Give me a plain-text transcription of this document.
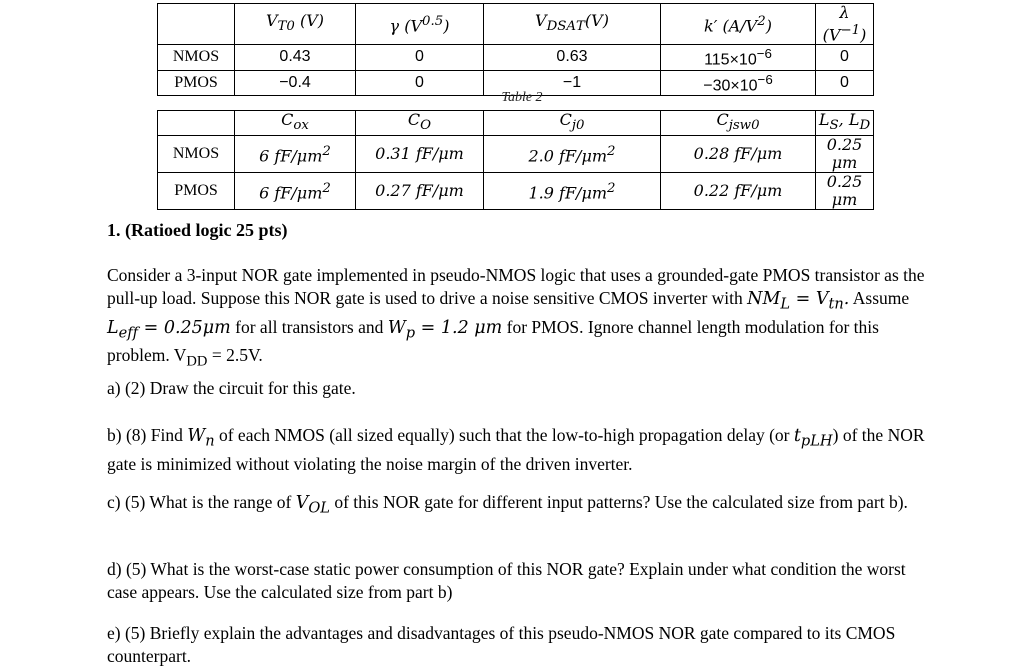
	𝑉$_{𝑇0}$ (𝑉)	𝛾 (𝑉$^{0.5}$)	𝑉$_{𝐷𝑆𝐴𝑇}$(𝑉)	𝑘′ (𝐴/𝑉$^2$)	𝜆 (𝑉$^{-1}$)
NMOS	0.43	0	0.63	$115\times 10^{-6}$	0
PMOS	−0.4	0	−1	$-30\times 10^{-6}$	0
Table 2
	𝐶$_{𝑜𝑥}$	𝐶$_𝑂$	𝐶$_{𝑗0}$	𝐶$_{𝑗𝑠𝑤0}$	𝐿$_𝑆$, 𝐿$_𝐷$
NMOS	6 𝑓𝐹/𝜇𝑚$^2$	0.31 𝑓𝐹/𝜇𝑚	2.0 𝑓𝐹/𝜇𝑚$^2$	0.28 𝑓𝐹/𝜇𝑚	0.25 𝜇𝑚
PMOS	6 𝑓𝐹/𝜇𝑚$^2$	0.27 𝑓𝐹/𝜇𝑚	1.9 𝑓𝐹/𝜇𝑚$^2$	0.22 𝑓𝐹/𝜇𝑚	0.25 𝜇𝑚
1. (Ratioed logic 25 pts)
Consider a 3-input NOR gate implemented in pseudo-NMOS logic that uses a grounded-gate PMOS transistor as the pull-up load. Suppose this NOR gate is used to drive a noise sensitive CMOS inverter with 𝑁𝑀$_𝐿$ = 𝑉$_{𝑡𝑛}$. Assume 𝐿$_{𝑒𝑓𝑓}$ = 0.25μm for all transistors and 𝑊$_𝑝$ = 1.2 μm for PMOS. Ignore channel length modulation for this problem. $V_{DD} = 2.5V$.
a) (2) Draw the circuit for this gate.
b) (8) Find 𝑊$_𝑛$ of each NMOS (all sized equally) such that the low-to-high propagation delay (or 𝑡$_{𝑝𝐿𝐻}$) of the NOR gate is minimized without violating the noise margin of the driven inverter.
c) (5) What is the range of 𝑉$_{𝑂𝐿}$ of this NOR gate for different input patterns? Use the calculated size from part b).
d) (5) What is the worst-case static power consumption of this NOR gate? Explain under what condition the worst case appears. Use the calculated size from part b)
e) (5) Briefly explain the advantages and disadvantages of this pseudo-NMOS NOR gate compared to its CMOS counterpart.
